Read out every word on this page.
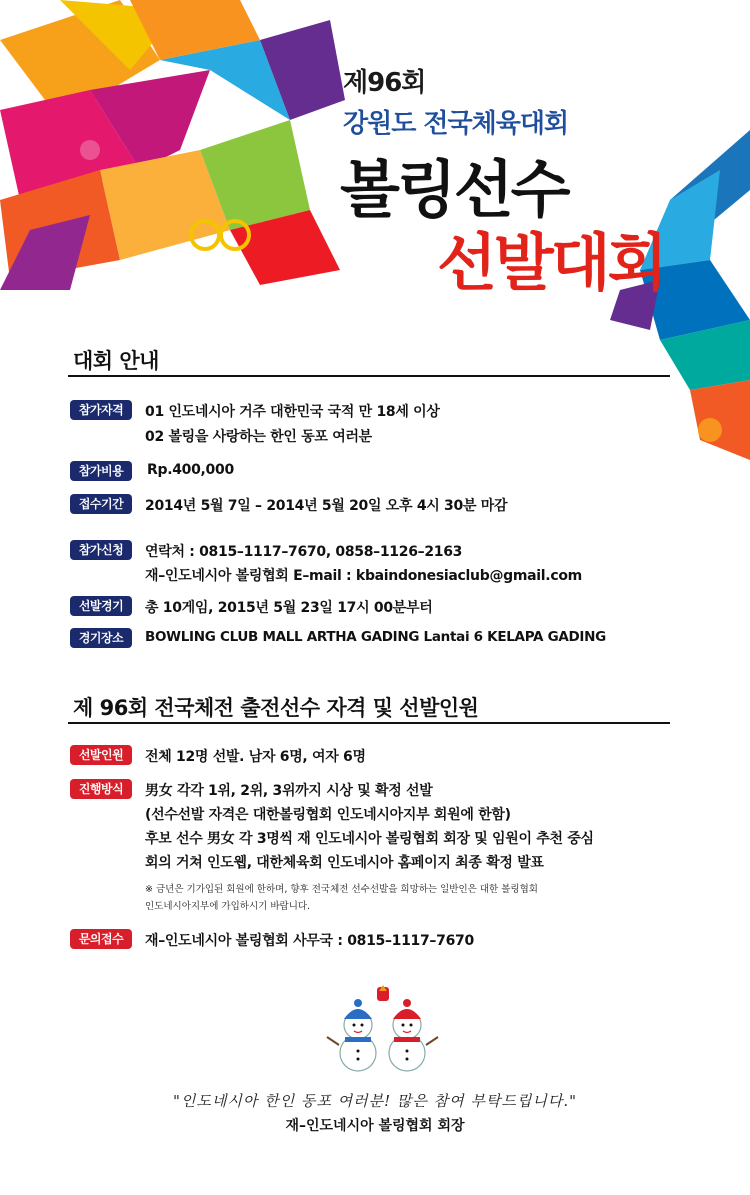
제96회
강원도 전국체육대회
볼링선수
선발대회
대회 안내
참가자격	01 인도네시아 거주 대한민국 국적 만 18세 이상
02 볼링을 사랑하는 한인 동포 여러분
참가비용	Rp.400,000
접수기간	2014년 5월 7일 – 2014년 5월 20일 오후 4시 30분 마감
참가신청	연락처 : 0815–1117–7670, 0858–1126–2163
재–인도네시아 볼링협회 E–mail : kbaindonesiaclub@gmail.com
선발경기	총 10게임, 2015년 5월 23일 17시 00분부터
경기장소	BOWLING CLUB MALL ARTHA GADING Lantai 6 KELAPA GADING
제 96회 전국체전 출전선수 자격 및 선발인원
선발인원	전체 12명 선발. 남자 6명, 여자 6명
진행방식	男女 각각 1위, 2위, 3위까지 시상 및 확정 선발
(선수선발 자격은 대한볼링협회 인도네시아지부 회원에 한함)
후보 선수 男女 각 3명씩 재 인도네시아 볼링협회 회장 및 임원이 추천 중심
회의 거쳐 인도웹, 대한체육회 인도네시아 홈페이지 최종 확정 발표
※ 금년은 기가입된 회원에 한하며, 향후 전국체전 선수선발을 희망하는 일반인은 대한 볼링협회
인도네시아지부에 가입하시기 바랍니다.
문의접수	재–인도네시아 볼링협회 사무국 : 0815–1117–7670
"인도네시아 한인 동포 여러분! 많은 참여 부탁드립니다."
재–인도네시아 볼링협회 회장
